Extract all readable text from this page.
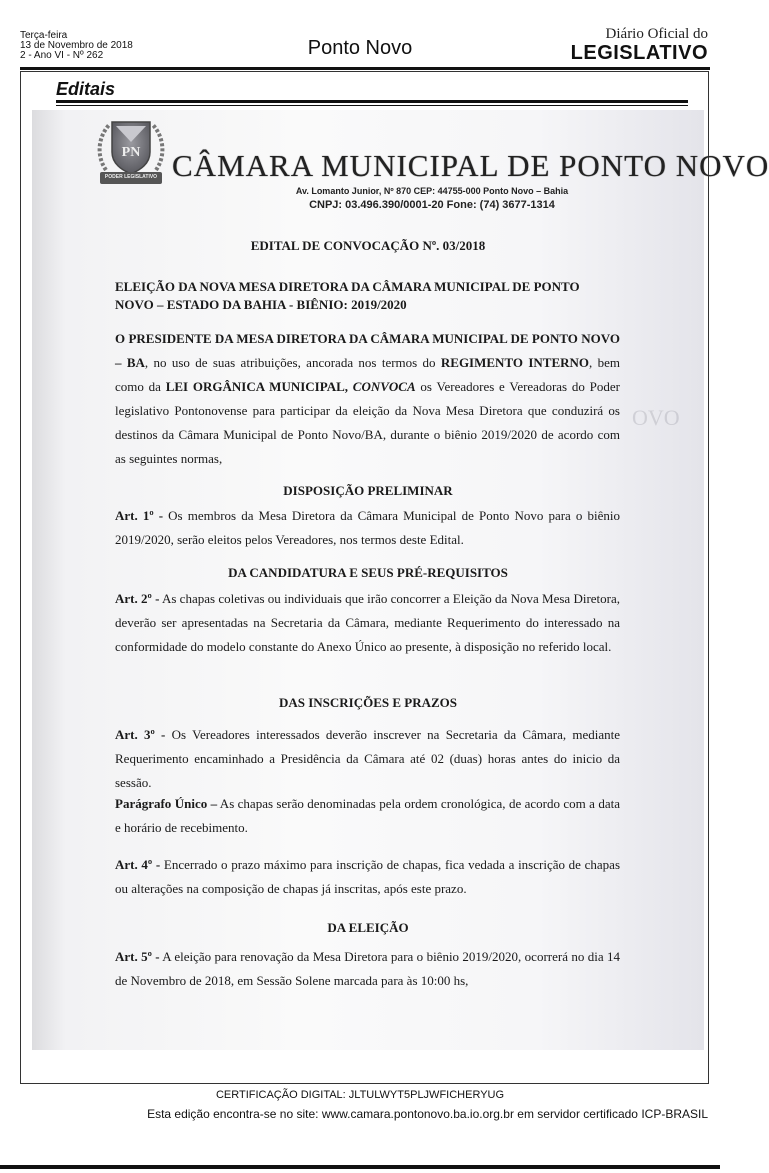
Terça-feira
13 de Novembro de 2018
2 - Ano VI - Nº 262	Ponto Novo
Diário Oficial do
LEGISLATIVO
Editais
OVO
PN
PODER LEGISLATIVO CÂMARA MUNICIPAL DE PONTO NOVO
Av. Lomanto Junior, Nº 870 CEP: 44755-000 Ponto Novo – Bahia
CNPJ: 03.496.390/0001-20 Fone: (74) 3677-1314
EDITAL DE CONVOCAÇÃO Nº. 03/2018
ELEIÇÃO DA NOVA MESA DIRETORA DA CÂMARA MUNICIPAL DE PONTO NOVO – ESTADO DA BAHIA - BIÊNIO: 2019/2020
O PRESIDENTE DA MESA DIRETORA DA CÂMARA MUNICIPAL DE PONTO NOVO – BA, no uso de suas atribuições, ancorada nos termos do REGIMENTO INTERNO, bem como da LEI ORGÂNICA MUNICIPAL, CONVOCA os Vereadores e Vereadoras do Poder legislativo Pontonovense para participar da eleição da Nova Mesa Diretora que conduzirá os destinos da Câmara Municipal de Ponto Novo/BA, durante o biênio 2019/2020 de acordo com as seguintes normas,
DISPOSIÇÃO PRELIMINAR
Art. 1º - Os membros da Mesa Diretora da Câmara Municipal de Ponto Novo para o biênio 2019/2020, serão eleitos pelos Vereadores, nos termos deste Edital.
DA CANDIDATURA E SEUS PRÉ-REQUISITOS
Art. 2º - As chapas coletivas ou individuais que irão concorrer a Eleição da Nova Mesa Diretora, deverão ser apresentadas na Secretaria da Câmara, mediante Requerimento do interessado na conformidade do modelo constante do Anexo Único ao presente, à disposição no referido local.
DAS INSCRIÇÕES E PRAZOS
Art. 3º - Os Vereadores interessados deverão inscrever na Secretaria da Câmara, mediante Requerimento encaminhado a Presidência da Câmara até 02 (duas) horas antes do inicio da sessão.
Parágrafo Único – As chapas serão denominadas pela ordem cronológica, de acordo com a data e horário de recebimento.
Art. 4º - Encerrado o prazo máximo para inscrição de chapas, fica vedada a inscrição de chapas ou alterações na composição de chapas já inscritas, após este prazo.
DA ELEIÇÃO
Art. 5º - A eleição para renovação da Mesa Diretora para o biênio 2019/2020, ocorrerá no dia 14 de Novembro de 2018, em Sessão Solene marcada para às 10:00 hs,
CERTIFICAÇÃO DIGITAL: JLTULWYT5PLJWFICHERYUG
Esta edição encontra-se no site: www.camara.pontonovo.ba.io.org.br em servidor certificado ICP-BRASIL
